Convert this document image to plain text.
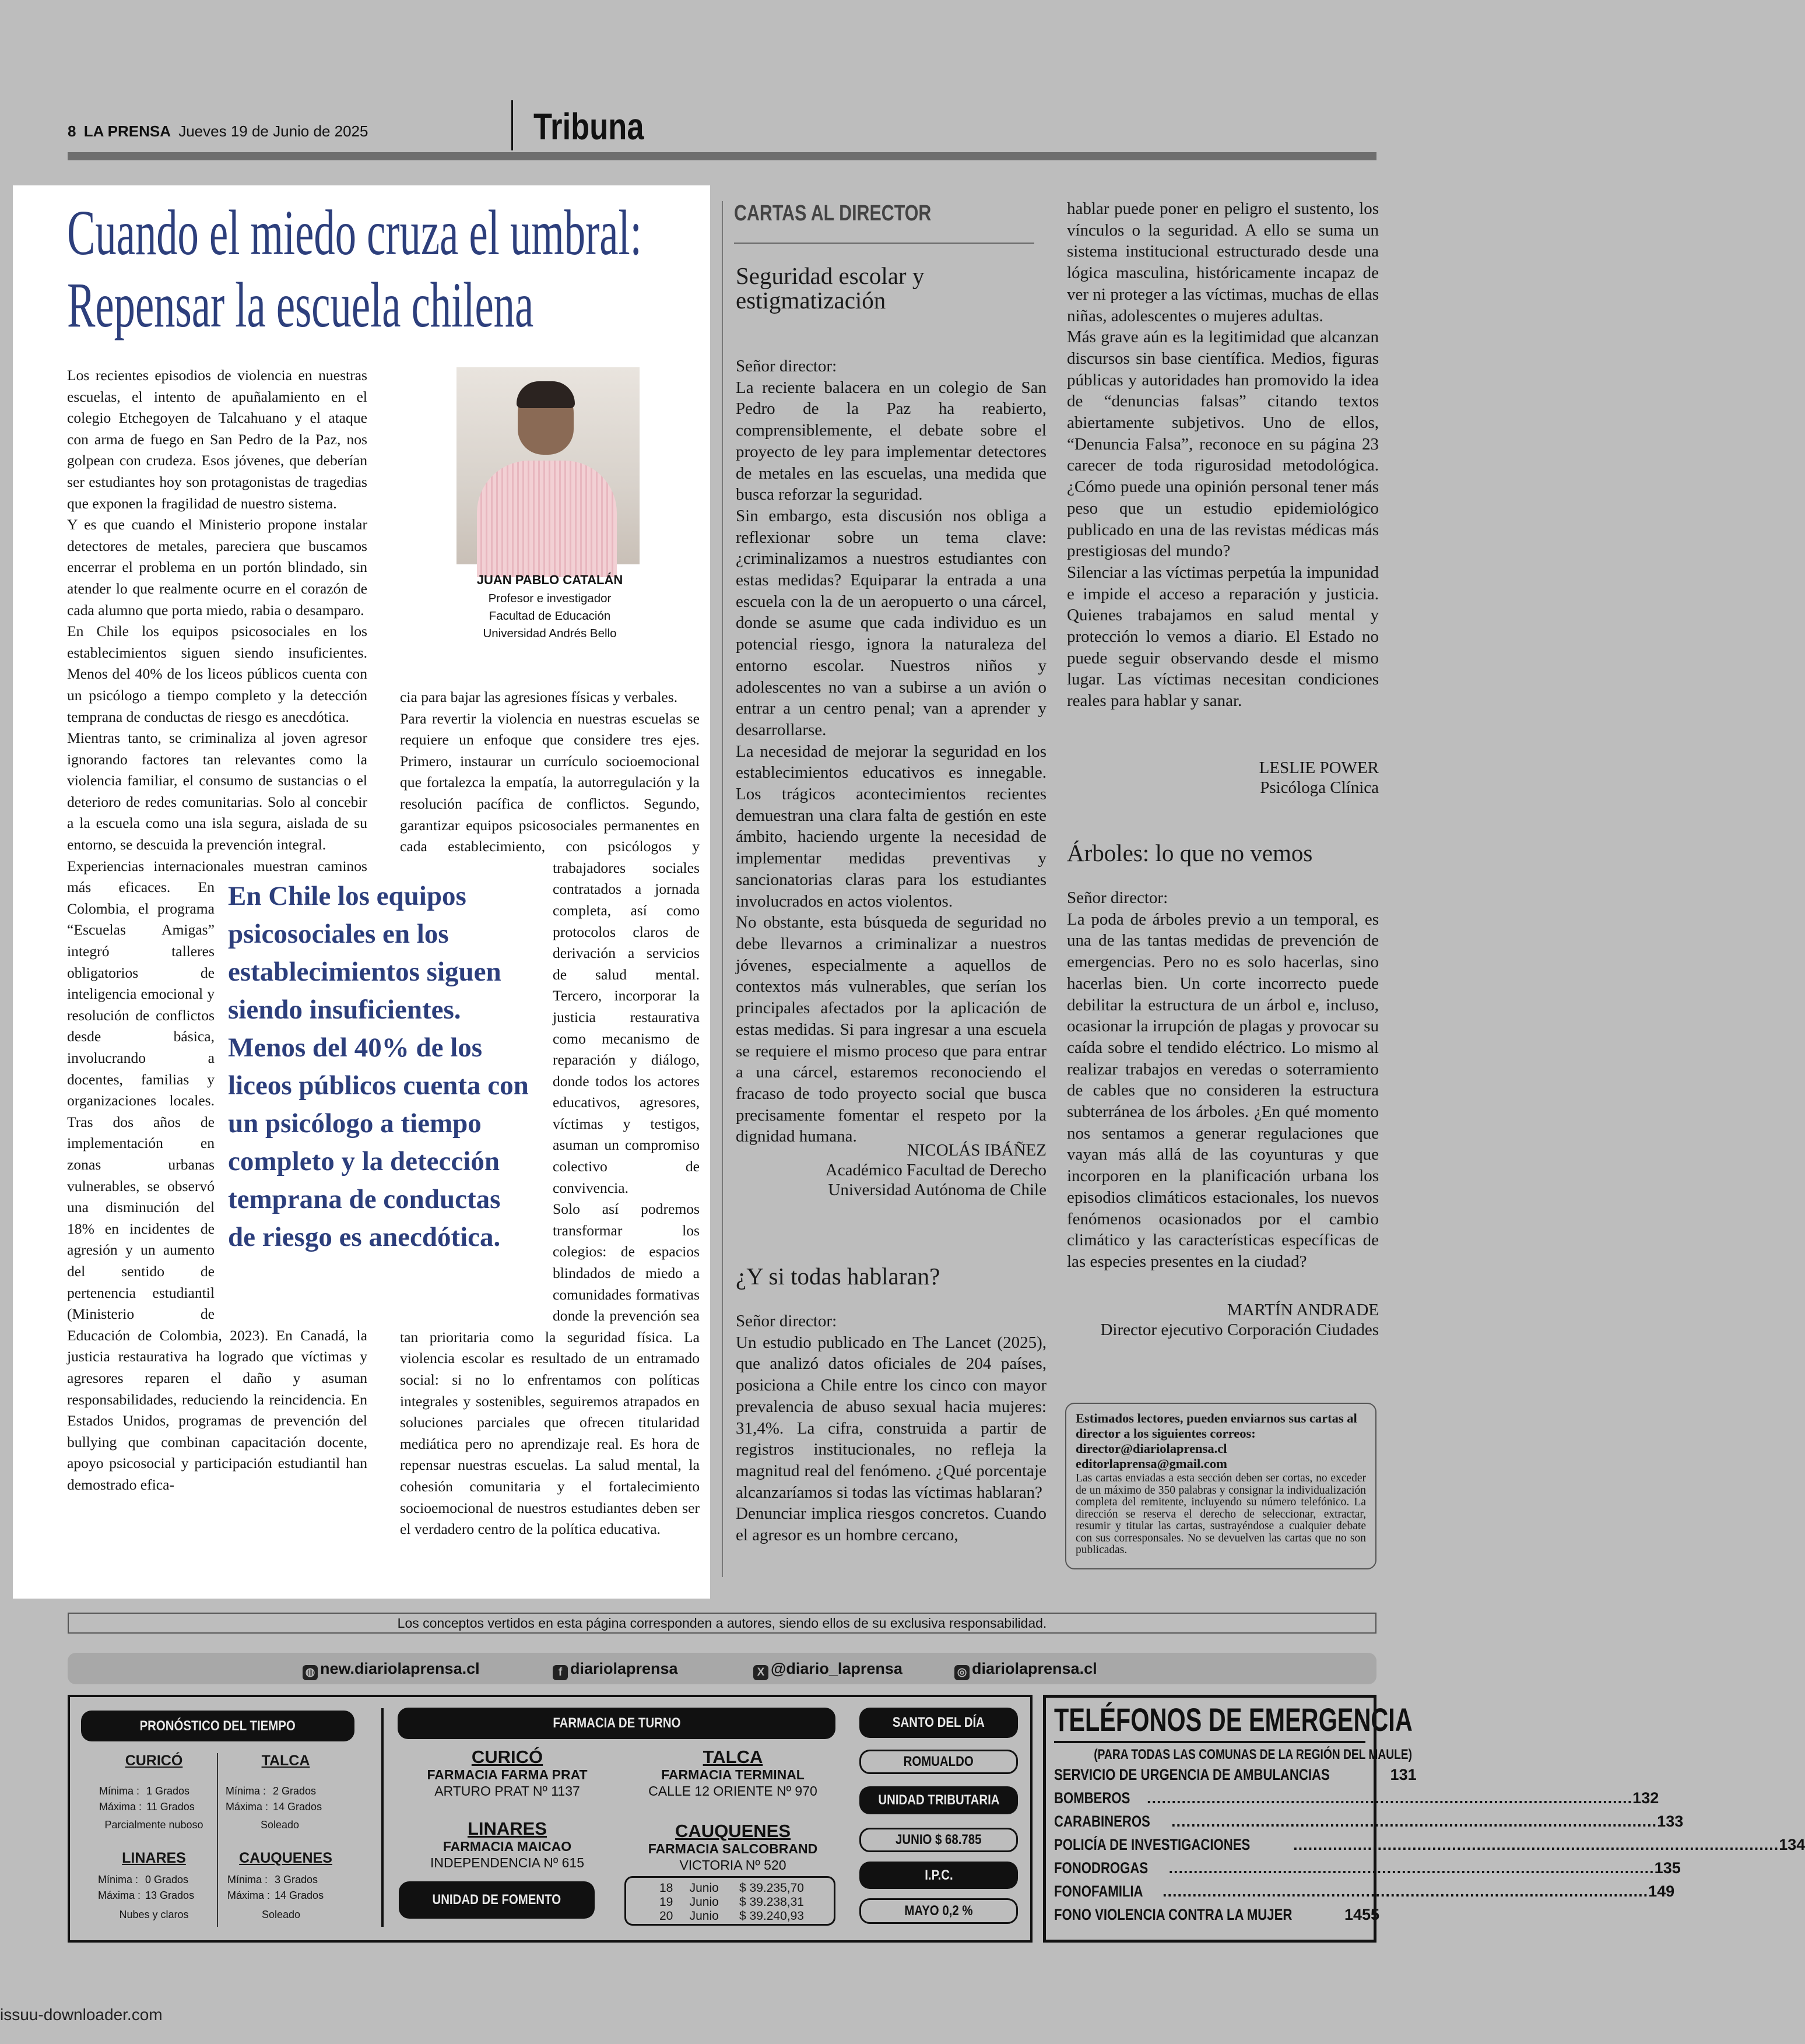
8 LA PRENSA Jueves 19 de Junio de 2025	Tribuna
Cuando el miedo cruza el umbral:
Repensar la escuela chilena

Los recientes episodios de violencia en nuestras escuelas, el intento de apuñalamiento en el colegio Etchegoyen de Talcahuano y el ataque con arma de fuego en San Pedro de la Paz, nos golpean con crudeza. Esos jóvenes, que deberían ser estudiantes hoy son protagonistas de tragedias que exponen la fragilidad de nuestro sistema.

Y es que cuando el Ministerio propone instalar detectores de metales, pareciera que buscamos encerrar el problema en un portón blindado, sin atender lo que realmente ocurre en el corazón de cada alumno que porta miedo, rabia o desamparo.

En Chile los equipos psicosociales en los establecimientos siguen siendo insuficientes. Menos del 40% de los liceos públicos cuenta con un psicólogo a tiempo completo y la detección temprana de conductas de riesgo es anecdótica.

Mientras tanto, se criminaliza al joven agresor ignorando factores tan relevantes como la violencia familiar, el consumo de sustancias o el deterioro de redes comunitarias. Solo al concebir a la escuela como una isla segura, aislada de su entorno, se descuida la prevención integral.

Experiencias internacionales muestran caminos más eficaces. En Colombia, el programa “Escuelas Amigas” integró talleres obligatorios de inteligencia emocional y resolución de conflictos desde básica, involucrando a docentes, familias y organizaciones locales. Tras dos años de implementación en zonas urbanas vulnerables, se observó una disminución del 18% en incidentes de agresión y un aumento del sentido de pertenencia estudiantil (Ministerio de Educación de Colombia, 2023). En Canadá, la justicia restaurativa ha logrado que víctimas y agresores reparen el daño y asuman responsabilidades, reduciendo la reincidencia. En Estados Unidos, programas de prevención del bullying que combinan capacitación docente, apoyo psicosocial y participación estudiantil han demostrado efica-

JUAN PABLO CATALÁN
Profesor e investigador
Facultad de Educación
Universidad Andrés Bello

cia para bajar las agresiones físicas y verbales.

Para revertir la violencia en nuestras escuelas se requiere un enfoque que considere tres ejes. Primero, instaurar un currículo socioemocional que fortalezca la empatía, la autorregulación y la resolución pacífica de conflictos. Segundo, garantizar equipos psicosociales permanentes en cada establecimiento, con psicólogos y trabajadores sociales contratados a jornada completa, así como protocolos claros de derivación a servicios de salud mental. Tercero, incorporar la justicia restaurativa como mecanismo de reparación y diálogo, donde todos los actores educativos, agresores, víctimas y testigos, asuman un compromiso colectivo de convivencia.

Solo así podremos transformar los colegios: de espacios blindados de miedo a comunidades formativas donde la prevención sea tan prioritaria como la seguridad física. La violencia escolar es resultado de un entramado social: si no lo enfrentamos con políticas integrales y sostenibles, seguiremos atrapados en soluciones parciales que ofrecen titularidad mediática pero no aprendizaje real. Es hora de repensar nuestras escuelas. La salud mental, la cohesión comunitaria y el fortalecimiento socioemocional de nuestros estudiantes deben ser el verdadero centro de la política educativa.

En Chile los equipos psicosociales en los establecimientos siguen siendo insuficientes. Menos del 40% de los liceos públicos cuenta con un psicólogo a tiempo completo y la detección temprana de conductas de riesgo es anecdótica.
CARTAS AL DIRECTOR
Seguridad escolar y estigmatización

Señor director:

La reciente balacera en un colegio de San Pedro de la Paz ha reabierto, comprensiblemente, el debate sobre el proyecto de ley para implementar detectores de metales en las escuelas, una medida que busca reforzar la seguridad.

Sin embargo, esta discusión nos obliga a reflexionar sobre un tema clave: ¿criminalizamos a nuestros estudiantes con estas medidas? Equiparar la entrada a una escuela con la de un aeropuerto o una cárcel, donde se asume que cada individuo es un potencial riesgo, ignora la naturaleza del entorno escolar. Nuestros niños y adolescentes no van a subirse a un avión o entrar a un centro penal; van a aprender y desarrollarse.

La necesidad de mejorar la seguridad en los establecimientos educativos es innegable. Los trágicos acontecimientos recientes demuestran una clara falta de gestión en este ámbito, haciendo urgente la necesidad de implementar medidas preventivas y sancionatorias claras para los estudiantes involucrados en actos violentos.

No obstante, esta búsqueda de seguridad no debe llevarnos a criminalizar a nuestros jóvenes, especialmente a aquellos de contextos más vulnerables, que serían los principales afectados por la aplicación de estas medidas. Si para ingresar a una escuela se requiere el mismo proceso que para entrar a una cárcel, estaremos reconociendo el fracaso de todo proyecto social que busca precisamente fomentar el respeto por la dignidad humana.

NICOLÁS IBÁÑEZ
Académico Facultad de Derecho
Universidad Autónoma de Chile
¿Y si todas hablaran?

Señor director:

Un estudio publicado en The Lancet (2025), que analizó datos oficiales de 204 países, posiciona a Chile entre los cinco con mayor prevalencia de abuso sexual hacia mujeres: 31,4%. La cifra, construida a partir de registros institucionales, no refleja la magnitud real del fenómeno. ¿Qué porcentaje alcanzaríamos si todas las víctimas hablaran?

Denunciar implica riesgos concretos. Cuando el agresor es un hombre cercano,

hablar puede poner en peligro el sustento, los vínculos o la seguridad. A ello se suma un sistema institucional estructurado desde una lógica masculina, históricamente incapaz de ver ni proteger a las víctimas, muchas de ellas niñas, adolescentes o mujeres adultas.

Más grave aún es la legitimidad que alcanzan discursos sin base científica. Medios, figuras públicas y autoridades han promovido la idea de “denuncias falsas” citando textos abiertamente subjetivos. Uno de ellos, “Denuncia Falsa”, reconoce en su página 23 carecer de toda rigurosidad metodológica. ¿Cómo puede una opinión personal tener más peso que un estudio epidemiológico publicado en una de las revistas médicas más prestigiosas del mundo?

Silenciar a las víctimas perpetúa la impunidad e impide el acceso a reparación y justicia. Quienes trabajamos en salud mental y protección lo vemos a diario. El Estado no puede seguir observando desde el mismo lugar. Las víctimas necesitan condiciones reales para hablar y sanar.

LESLIE POWER
Psicóloga Clínica
Árboles: lo que no vemos

Señor director:

La poda de árboles previo a un temporal, es una de las tantas medidas de prevención de emergencias. Pero no es solo hacerlas, sino hacerlas bien. Un corte incorrecto puede debilitar la estructura de un árbol e, incluso, ocasionar la irrupción de plagas y provocar su caída sobre el tendido eléctrico. Lo mismo al realizar trabajos en veredas o soterramiento de cables que no consideren la estructura subterránea de los árboles. ¿En qué momento nos sentamos a generar regulaciones que vayan más allá de las coyunturas y que incorporen en la planificación urbana los episodios climáticos estacionales, los nuevos fenómenos ocasionados por el cambio climático y las características específicas de las especies presentes en la ciudad?

MARTÍN ANDRADE
Director ejecutivo Corporación Ciudades
Estimados lectores, pueden enviarnos sus cartas al director a los siguientes correos:
director@diariolaprensa.cl
editorlaprensa@gmail.com
Las cartas enviadas a esta sección deben ser cortas, no exceder de un máximo de 350 palabras y consignar la individualización completa del remitente, incluyendo su número telefónico. La dirección se reserva el derecho de seleccionar, extractar, resumir y titular las cartas, sustrayéndose a cualquier debate con sus corresponsales. No se devuelven las cartas que no son publicadas.
Los conceptos vertidos en esta página corresponden a autores, siendo ellos de su exclusiva responsabilidad.
◍ new.diariolaprensa.cl	f diariolaprensa	X @diario_laprensa	◎ diariolaprensa.cl
PRONÓSTICO DEL TIEMPO
CURICÓ
Mínima :	1 Grados
Máxima :	11 Grados
Parcialmente nuboso
TALCA
Mínima :	2 Grados
Máxima :	14 Grados
Soleado
LINARES
Mínima :	0 Grados
Máxima :	13 Grados
Nubes y claros
CAUQUENES
Mínima :	3 Grados
Máxima :	14 Grados
Soleado
FARMACIA DE TURNO
CURICÓ
FARMACIA FARMA PRAT
ARTURO PRAT Nº 1137
TALCA
FARMACIA TERMINAL
CALLE 12 ORIENTE Nº 970
LINARES
FARMACIA MAICAO
INDEPENDENCIA Nº 615
CAUQUENES
FARMACIA SALCOBRAND
VICTORIA Nº 520
UNIDAD DE FOMENTO
18	Junio	$ 39.235,70
19	Junio	$ 39.238,31
20	Junio	$ 39.240,93
SANTO DEL DÍA
ROMUALDO
UNIDAD TRIBUTARIA
JUNIO $ 68.785
I.P.C.
MAYO 0,2 %
TELÉFONOS DE EMERGENCIA
(PARA TODAS LAS COMUNAS DE LA REGIÓN DEL MAULE)
SERVICIO DE URGENCIA DE AMBULANCIAS	131
BOMBEROS .....	132
CARABINEROS .....	133
POLICÍA DE INVESTIGACIONES .....	134
FONODROGAS .....	135
FONOFAMILIA .....	149
FONO VIOLENCIA CONTRA LA MUJER	1455
issuu-downloader.com
